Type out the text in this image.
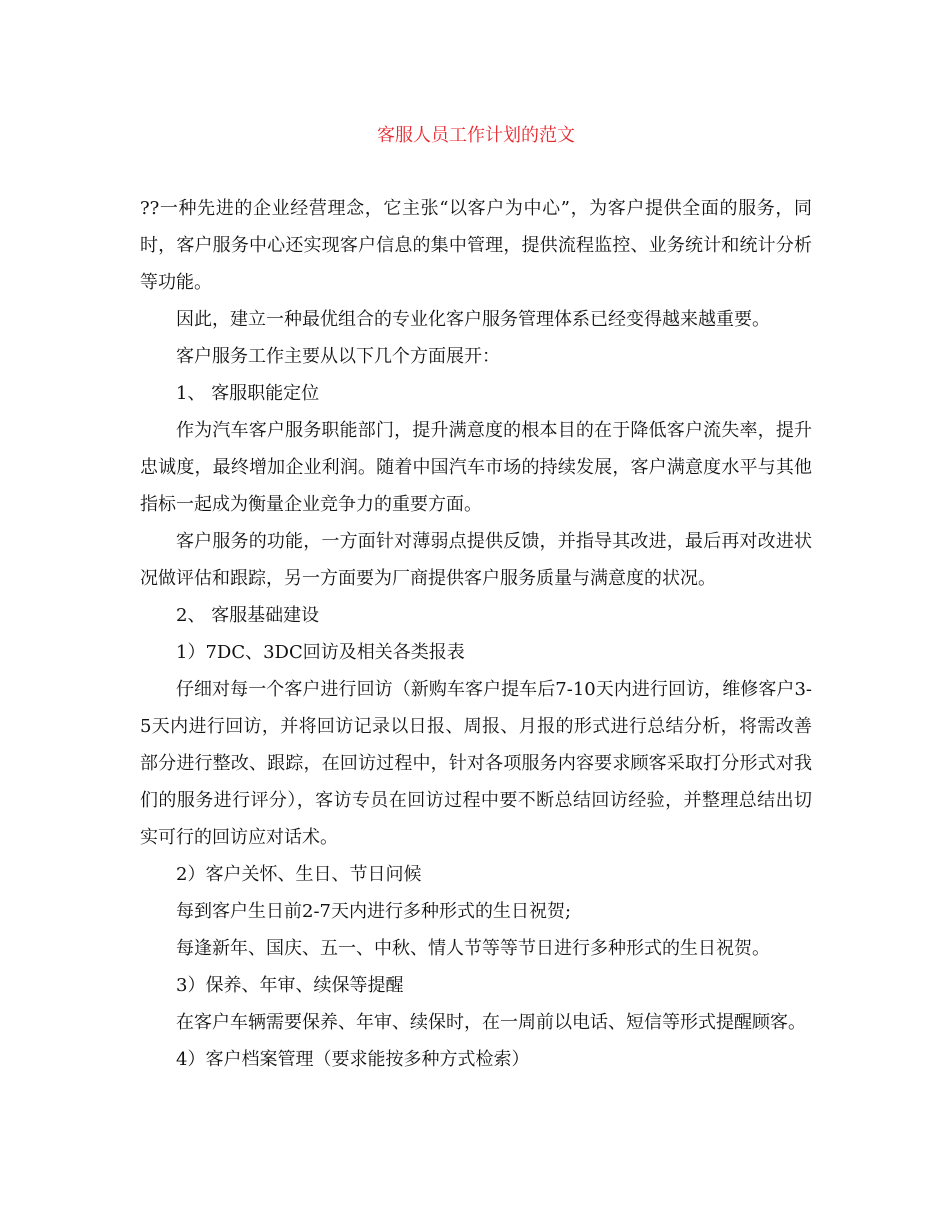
客服人员工作计划的范文

??一种先进的企业经营理念，它主张“以客户为中心”，为客户提供全面的服务，同时，客户服务中心还实现客户信息的集中管理，提供流程监控、业务统计和统计分析等功能。

因此，建立一种最优组合的专业化客户服务管理体系已经变得越来越重要。

客户服务工作主要从以下几个方面展开：

1、 客服职能定位

作为汽车客户服务职能部门，提升满意度的根本目的在于降低客户流失率，提升忠诚度，最终增加企业利润。随着中国汽车市场的持续发展，客户满意度水平与其他指标一起成为衡量企业竞争力的重要方面。

客户服务的功能，一方面针对薄弱点提供反馈，并指导其改进，最后再对改进状况做评估和跟踪，另一方面要为厂商提供客户服务质量与满意度的状况。

2、 客服基础建设

1）7DC、3DC回访及相关各类报表

仔细对每一个客户进行回访（新购车客户提车后7-10天内进行回访，维修客户3-5天内进行回访，并将回访记录以日报、周报、月报的形式进行总结分析，将需改善部分进行整改、跟踪，在回访过程中，针对各项服务内容要求顾客采取打分形式对我们的服务进行评分），客访专员在回访过程中要不断总结回访经验，并整理总结出切实可行的回访应对话术。

2）客户关怀、生日、节日问候

每到客户生日前2-7天内进行多种形式的生日祝贺;

每逢新年、国庆、五一、中秋、情人节等等节日进行多种形式的生日祝贺。

3）保养、年审、续保等提醒

在客户车辆需要保养、年审、续保时，在一周前以电话、短信等形式提醒顾客。

4）客户档案管理（要求能按多种方式检索）
